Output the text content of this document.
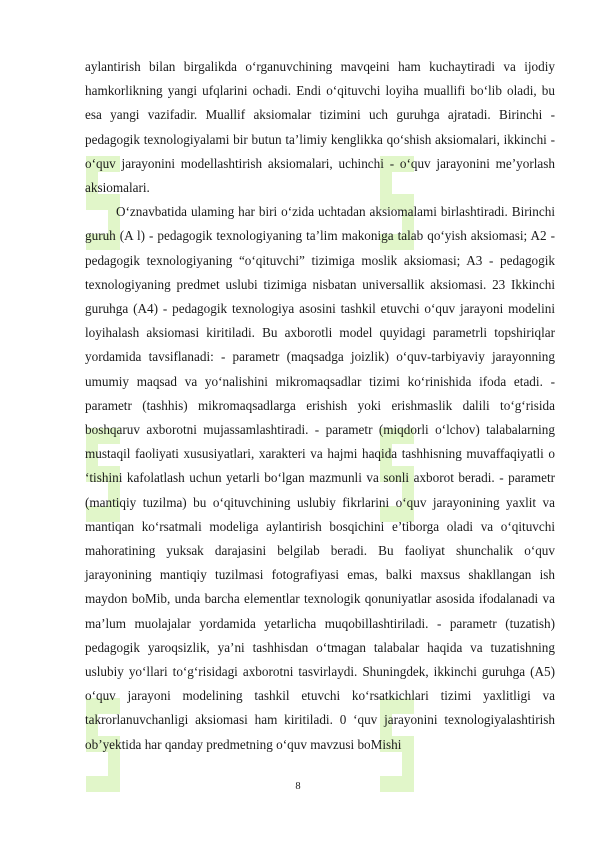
aylantirish bilan birgalikda o‘rganuvchining mavqeini ham kuchaytiradi va ijodiy hamkorlikning yangi ufqlarini ochadi. Endi o‘qituvchi loyiha muallifi bo‘lib oladi, bu esa yangi vazifadir. Muallif aksiomalar tizimini uch guruhga ajratadi. Birinchi - pedagogik texnologiyalami bir butun ta’limiy kenglikka qo‘shish aksiomalari, ikkinchi - o‘quv jarayonini modellashtirish aksiomalari, uchinchi - o‘quv jarayonini me’yorlash aksiomalari.

O‘znavbatida ulaming har biri o‘zida uchtadan aksiomalami birlashtiradi. Birinchi guruh (A l) - pedagogik texnologiyaning ta’lim makoniga talab qo‘yish aksiomasi; A2 - pedagogik texnologiyaning “o‘qituvchi” tizimiga moslik aksiomasi; A3 - pedagogik texnologiyaning predmet uslubi tizimiga nisbatan universallik aksiomasi. 23 Ikkinchi guruhga (A4) - pedagogik texnologiya asosini tashkil etuvchi o‘quv jarayoni modelini loyihalash aksiomasi kiritiladi. Bu axborotli model quyidagi parametrli topshiriqlar yordamida tavsiflanadi: - parametr (maqsadga joizlik) o‘quv-tarbiyaviy jarayonning umumiy maqsad va yo‘nalishini mikromaqsadlar tizimi ko‘rinishida ifoda etadi. - parametr (tashhis) mikromaqsadlarga erishish yoki erishmaslik dalili to‘g‘risida boshqaruv axborotni mujassamlashtiradi. - parametr (miqdorli o‘lchov) talabalarning mustaqil faoliyati xususiyatlari, xarakteri va hajmi haqida tashhisning muvaffaqiyatli o ‘tishini kafolatlash uchun yetarli bo‘lgan mazmunli va sonli axborot beradi. - parametr (mantiqiy tuzilma) bu o‘qituvchining uslubiy fikrlarini o‘quv jarayonining yaxlit va mantiqan ko‘rsatmali modeliga aylantirish bosqichini e’tiborga oladi va o‘qituvchi mahoratining yuksak darajasini belgilab beradi. Bu faoliyat shunchalik o‘quv jarayonining mantiqiy tuzilmasi fotografiyasi emas, balki maxsus shakllangan ish maydon boMib, unda barcha elementlar texnologik qonuniyatlar asosida ifodalanadi va ma’lum muolajalar yordamida yetarlicha muqobillashtiriladi. - parametr (tuzatish) pedagogik yaroqsizlik, ya’ni tashhisdan o‘tmagan talabalar haqida va tuzatishning uslubiy yo‘llari to‘g‘risidagi axborotni tasvirlaydi. Shuningdek, ikkinchi guruhga (A5) o‘quv jarayoni modelining tashkil etuvchi ko‘rsatkichlari tizimi yaxlitligi va takrorlanuvchanligi aksiomasi ham kiritiladi. 0 ‘quv jarayonini texnologiyalashtirish ob’yektida har qanday predmetning o‘quv mavzusi boMishi

8
